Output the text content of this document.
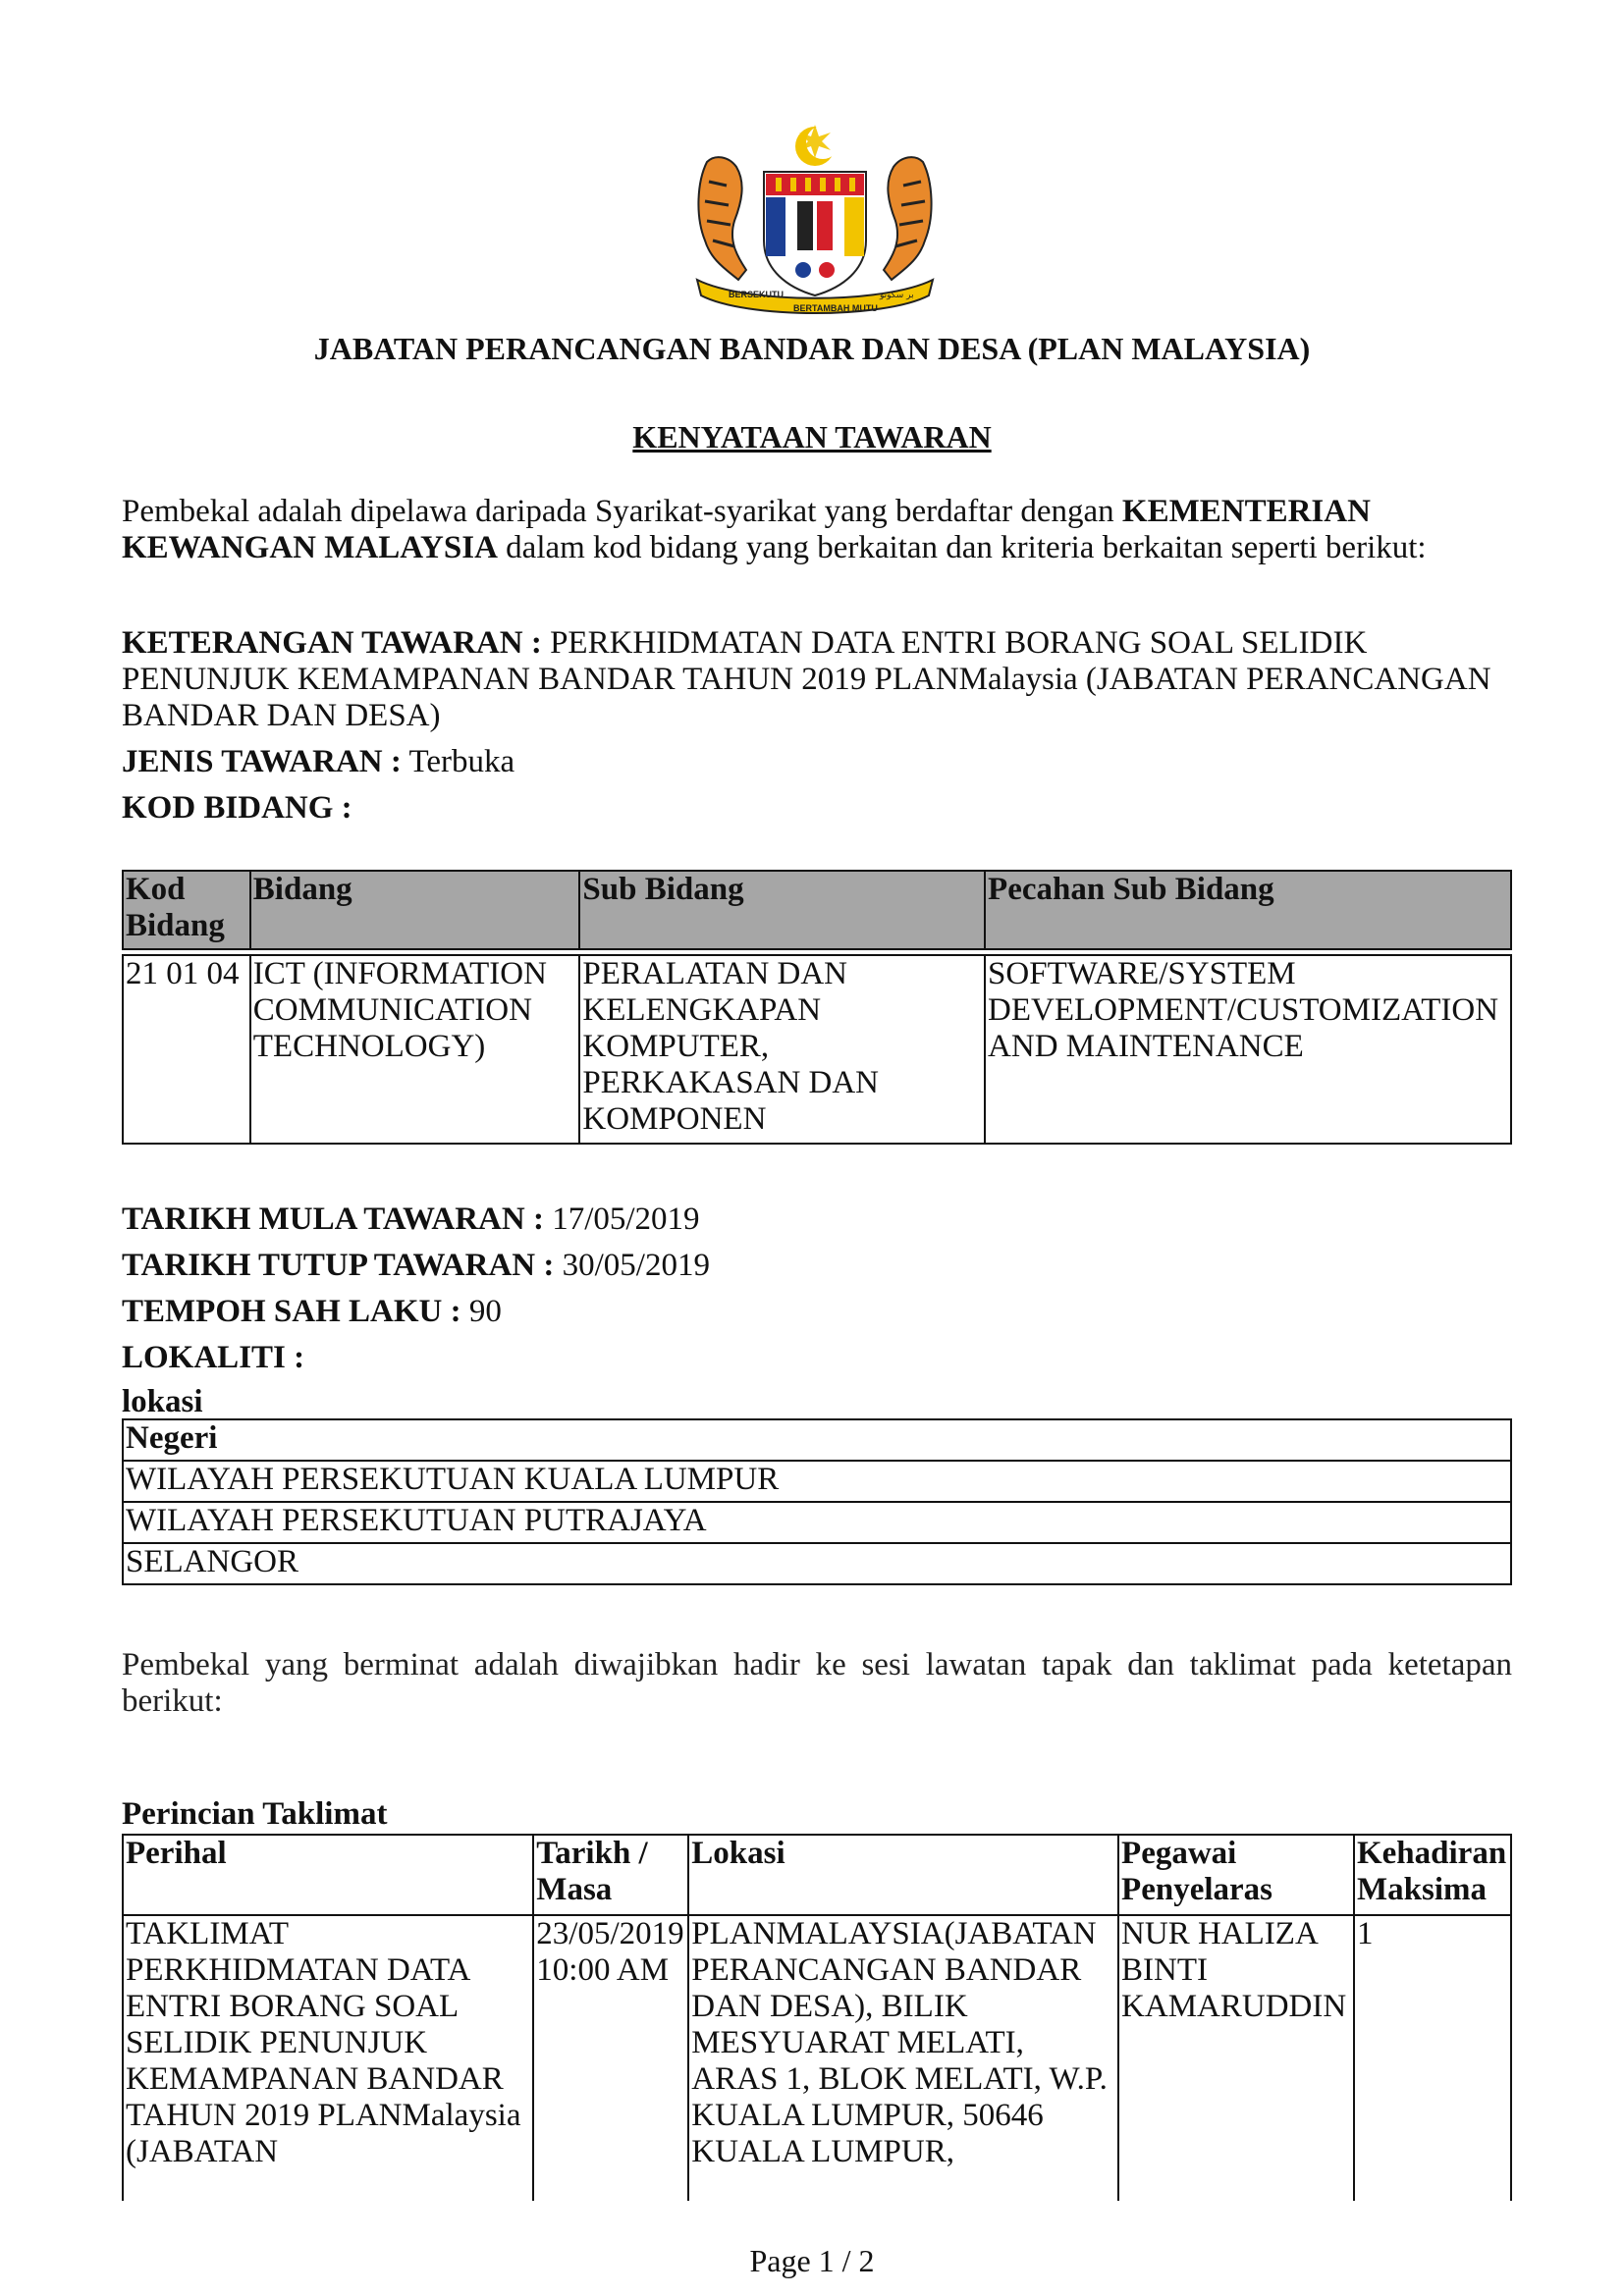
BERSEKUTU
BERTAMBAH MUTU
بر سکوتو
JABATAN PERANCANGAN BANDAR DAN DESA (PLAN MALAYSIA)
KENYATAAN TAWARAN
Pembekal adalah dipelawa daripada Syarikat-syarikat yang berdaftar dengan KEMENTERIAN KEWANGAN MALAYSIA dalam kod bidang yang berkaitan dan kriteria berkaitan seperti berikut:
KETERANGAN TAWARAN : PERKHIDMATAN DATA ENTRI BORANG SOAL SELIDIK PENUNJUK KEMAMPANAN BANDAR TAHUN 2019 PLANMalaysia (JABATAN PERANCANGAN BANDAR DAN DESA)
JENIS TAWARAN : Terbuka
KOD BIDANG :
Kod Bidang	Bidang	Sub Bidang	Pecahan Sub Bidang

21 01 04	ICT (INFORMATION COMMUNICATION TECHNOLOGY)	PERALATAN DAN KELENGKAPAN KOMPUTER, PERKAKASAN DAN KOMPONEN	SOFTWARE/SYSTEM DEVELOPMENT/CUSTOMIZATION AND MAINTENANCE
TARIKH MULA TAWARAN : 17/05/2019
TARIKH TUTUP TAWARAN : 30/05/2019
TEMPOH SAH LAKU : 90
LOKALITI :
lokasi
Negeri
WILAYAH PERSEKUTUAN KUALA LUMPUR
WILAYAH PERSEKUTUAN PUTRAJAYA
SELANGOR
Pembekal yang berminat adalah diwajibkan hadir ke sesi lawatan tapak dan taklimat pada ketetapan berikut:
Perincian Taklimat
Perihal	Tarikh / Masa	Lokasi	Pegawai Penyelaras	Kehadiran Maksima
TAKLIMAT PERKHIDMATAN DATA ENTRI BORANG SOAL SELIDIK PENUNJUK KEMAMPANAN BANDAR TAHUN 2019 PLANMalaysia (JABATAN	23/05/2019 10:00 AM	PLANMALAYSIA(JABATAN PERANCANGAN BANDAR DAN DESA), BILIK MESYUARAT MELATI, ARAS 1, BLOK MELATI, W.P. KUALA LUMPUR, 50646 KUALA LUMPUR,	NUR HALIZA BINTI KAMARUDDIN	1
Page 1 / 2
